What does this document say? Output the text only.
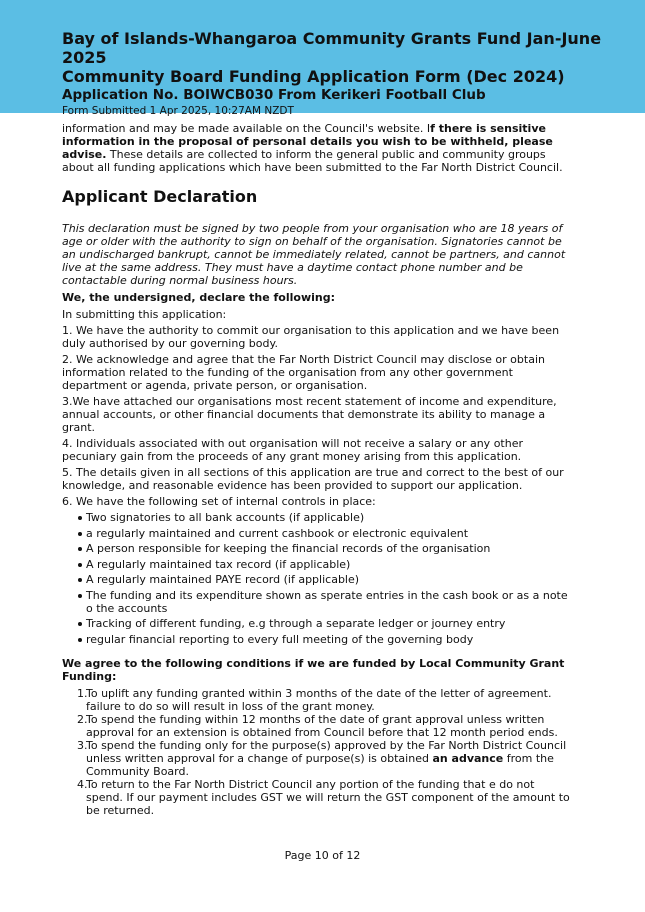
Bay of Islands-Whangaroa Community Grants Fund Jan-June 2025
Community Board Funding Application Form (Dec 2024)
Application No. BOIWCB030 From Kerikeri Football Club
Form Submitted 1 Apr 2025, 10:27AM NZDT

information and may be made available on the Council's website. If there is sensitive information in the proposal of personal details you wish to be withheld, please advise. These details are collected to inform the general public and community groups about all funding applications which have been submitted to the Far North District Council.

Applicant Declaration

This declaration must be signed by two people from your organisation who are 18 years of age or older with the authority to sign on behalf of the organisation. Signatories cannot be an undischarged bankrupt, cannot be immediately related, cannot be partners, and cannot live at the same address. They must have a daytime contact phone number and be contactable during normal business hours.

We, the undersigned, declare the following:
In submitting this application:
1. We have the authority to commit our organisation to this application and we have been duly authorised by our governing body.
2. We acknowledge and agree that the Far North District Council may disclose or obtain information related to the funding of the organisation from any other government department or agenda, private person, or organisation.
3.We have attached our organisations most recent statement of income and expenditure, annual accounts, or other financial documents that demonstrate its ability to manage a grant.
4. Individuals associated with out organisation will not receive a salary or any other pecuniary gain from the proceeds of any grant money arising from this application.
5. The details given in all sections of this application are true and correct to the best of our knowledge, and reasonable evidence has been provided to support our application.
6. We have the following set of internal controls in place:
Two signatories to all bank accounts (if applicable)
a regularly maintained and current cashbook or electronic equivalent
A person responsible for keeping the financial records of the organisation
A regularly maintained tax record (if applicable)
A regularly maintained PAYE record (if applicable)
The funding and its expenditure shown as sperate entries in the cash book or as a note o the accounts
Tracking of different funding, e.g through a separate ledger or journey entry
regular financial reporting to every full meeting of the governing body
We agree to the following conditions if we are funded by Local Community Grant Funding:
1.
To uplift any funding granted within 3 months of the date of the letter of agreement. failure to do so will result in loss of the grant money.
2.
To spend the funding within 12 months of the date of grant approval unless written approval for an extension is obtained from Council before that 12 month period ends.
3.
To spend the funding only for the purpose(s) approved by the Far North District Council unless written approval for a change of purpose(s) is obtained an advance from the Community Board.
4.
To return to the Far North District Council any portion of the funding that e do not spend. If our payment includes GST we will return the GST component of the amount to be returned.
Page 10 of 12
